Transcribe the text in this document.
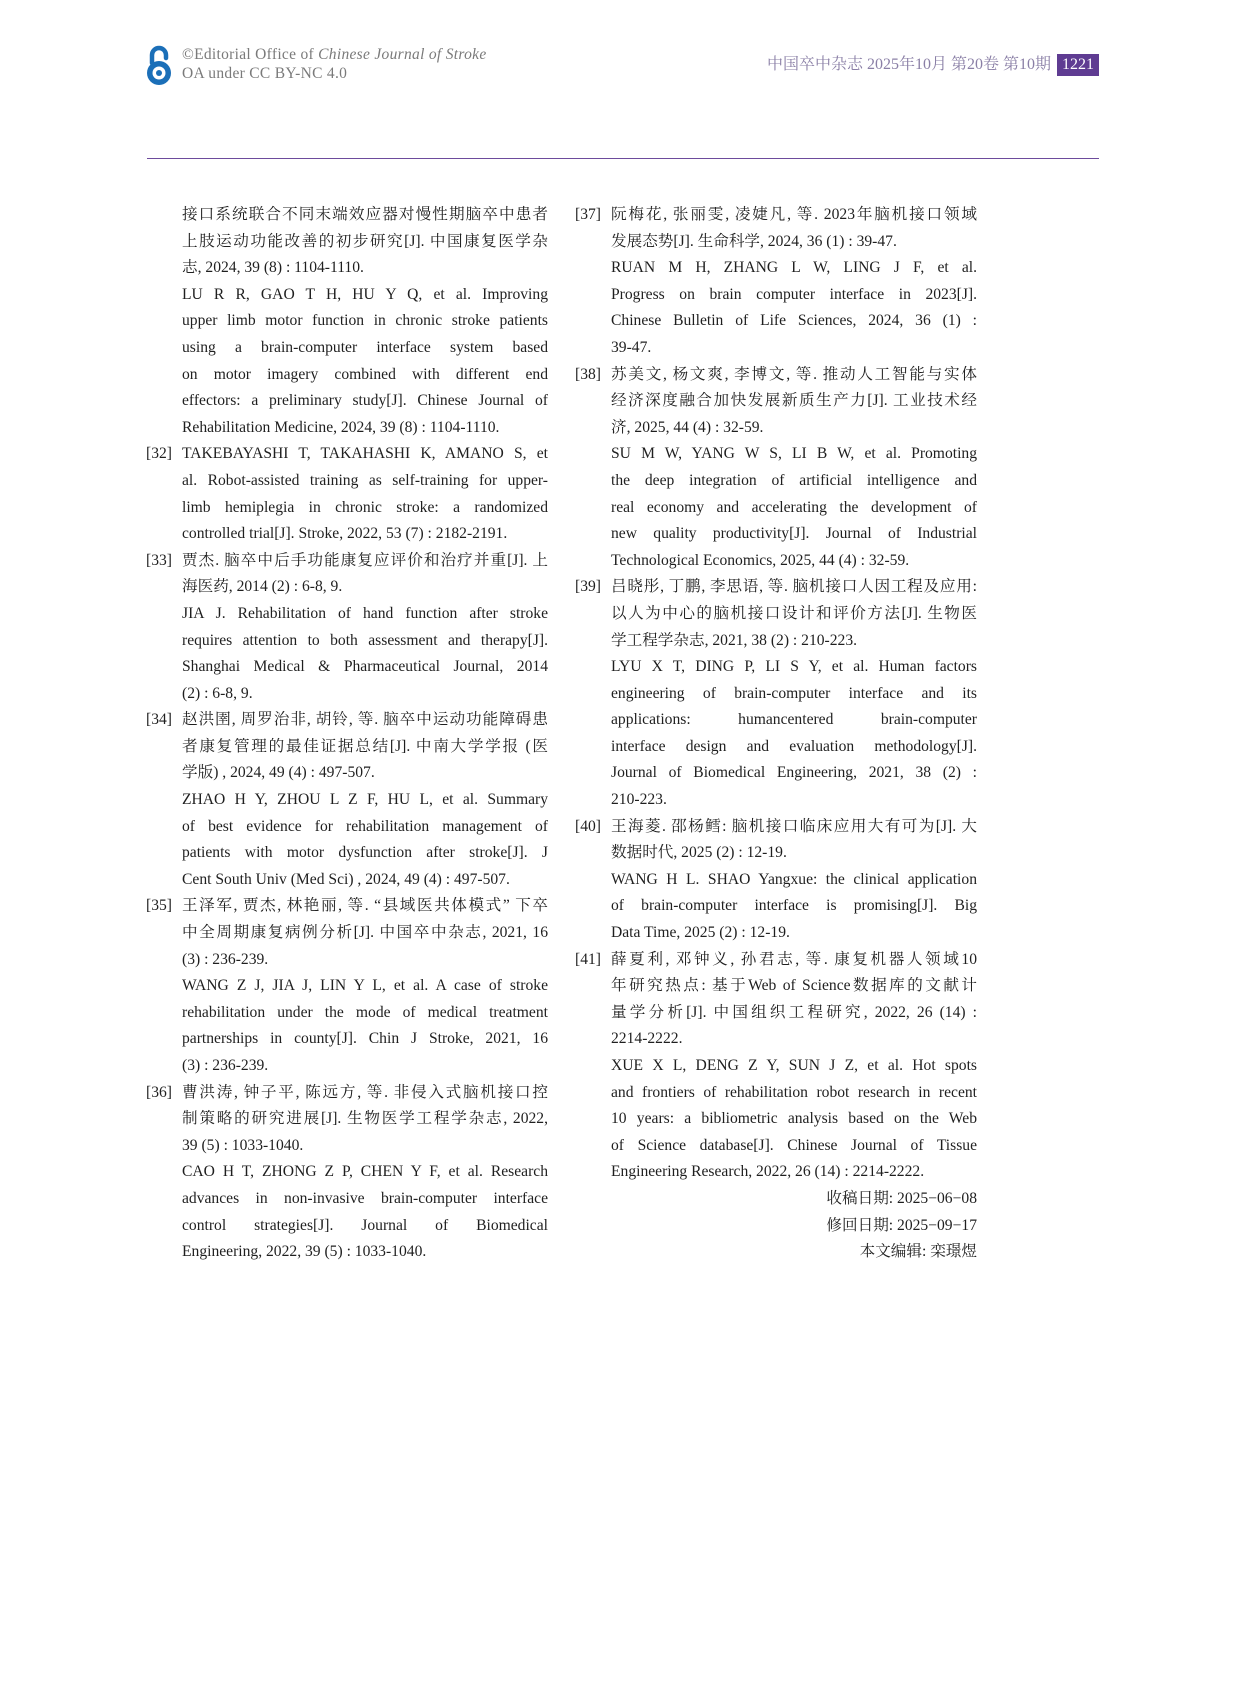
©Editorial Office of Chinese Journal of Stroke
OA under CC BY-NC 4.0
中国卒中杂志 2025年10月 第20卷 第10期 1221
接口系统联合不同末端效应器对慢性期脑卒中患者
上肢运动功能改善的初步研究[J]. 中国康复医学杂
志, 2024, 39 (8) : 1104-1110.
LU R R, GAO T H, HU Y Q, et al. Improving
upper limb motor function in chronic stroke patients
using a brain-computer interface system based
on motor imagery combined with different end
effectors: a preliminary study[J]. Chinese Journal of
Rehabilitation Medicine, 2024, 39 (8) : 1104-1110.
[32] TAKEBAYASHI T, TAKAHASHI K, AMANO S, et
al. Robot-assisted training as self-training for upper-
limb hemiplegia in chronic stroke: a randomized
controlled trial[J]. Stroke, 2022, 53 (7) : 2182-2191.
[33] 贾杰. 脑卒中后手功能康复应评价和治疗并重[J]. 上
海医药, 2014 (2) : 6-8, 9.
JIA J. Rehabilitation of hand function after stroke
requires attention to both assessment and therapy[J].
Shanghai Medical & Pharmaceutical Journal, 2014
(2) : 6-8, 9.
[34] 赵洪圉, 周罗治非, 胡铃, 等. 脑卒中运动功能障碍患
者康复管理的最佳证据总结[J]. 中南大学学报 (医
学版) , 2024, 49 (4) : 497-507.
ZHAO H Y, ZHOU L Z F, HU L, et al. Summary
of best evidence for rehabilitation management of
patients with motor dysfunction after stroke[J]. J
Cent South Univ (Med Sci) , 2024, 49 (4) : 497-507.
[35] 王泽军, 贾杰, 林艳丽, 等. “县域医共体模式” 下卒
中全周期康复病例分析[J]. 中国卒中杂志, 2021, 16
(3) : 236-239.
WANG Z J, JIA J, LIN Y L, et al. A case of stroke
rehabilitation under the mode of medical treatment
partnerships in county[J]. Chin J Stroke, 2021, 16
(3) : 236-239.
[36] 曹洪涛, 钟子平, 陈远方, 等. 非侵入式脑机接口控
制策略的研究进展[J]. 生物医学工程学杂志, 2022,
39 (5) : 1033-1040.
CAO H T, ZHONG Z P, CHEN Y F, et al. Research
advances in non-invasive brain-computer interface
control strategies[J]. Journal of Biomedical
Engineering, 2022, 39 (5) : 1033-1040.
[37] 阮梅花, 张丽雯, 凌婕凡, 等. 2023年脑机接口领域
发展态势[J]. 生命科学, 2024, 36 (1) : 39-47.
RUAN M H, ZHANG L W, LING J F, et al.
Progress on brain computer interface in 2023[J].
Chinese Bulletin of Life Sciences, 2024, 36 (1) :
39-47.
[38] 苏美文, 杨文爽, 李博文, 等. 推动人工智能与实体
经济深度融合加快发展新质生产力[J]. 工业技术经
济, 2025, 44 (4) : 32-59.
SU M W, YANG W S, LI B W, et al. Promoting
the deep integration of artificial intelligence and
real economy and accelerating the development of
new quality productivity[J]. Journal of Industrial
Technological Economics, 2025, 44 (4) : 32-59.
[39] 吕晓彤, 丁鹏, 李思语, 等. 脑机接口人因工程及应用:
以人为中心的脑机接口设计和评价方法[J]. 生物医
学工程学杂志, 2021, 38 (2) : 210-223.
LYU X T, DING P, LI S Y, et al. Human factors
engineering of brain-computer interface and its
applications: humancentered brain-computer
interface design and evaluation methodology[J].
Journal of Biomedical Engineering, 2021, 38 (2) :
210-223.
[40] 王海菱. 邵杨鳕: 脑机接口临床应用大有可为[J]. 大
数据时代, 2025 (2) : 12-19.
WANG H L. SHAO Yangxue: the clinical application
of brain-computer interface is promising[J]. Big
Data Time, 2025 (2) : 12-19.
[41] 薛夏利, 邓钟义, 孙君志, 等. 康复机器人领域10
年研究热点: 基于Web of Science数据库的文献计
量学分析[J]. 中国组织工程研究, 2022, 26 (14) :
2214-2222.
XUE X L, DENG Z Y, SUN J Z, et al. Hot spots
and frontiers of rehabilitation robot research in recent
10 years: a bibliometric analysis based on the Web
of Science database[J]. Chinese Journal of Tissue
Engineering Research, 2022, 26 (14) : 2214-2222.
收稿日期: 2025−06−08
修回日期: 2025−09−17
本文编辑: 栾璟煜
